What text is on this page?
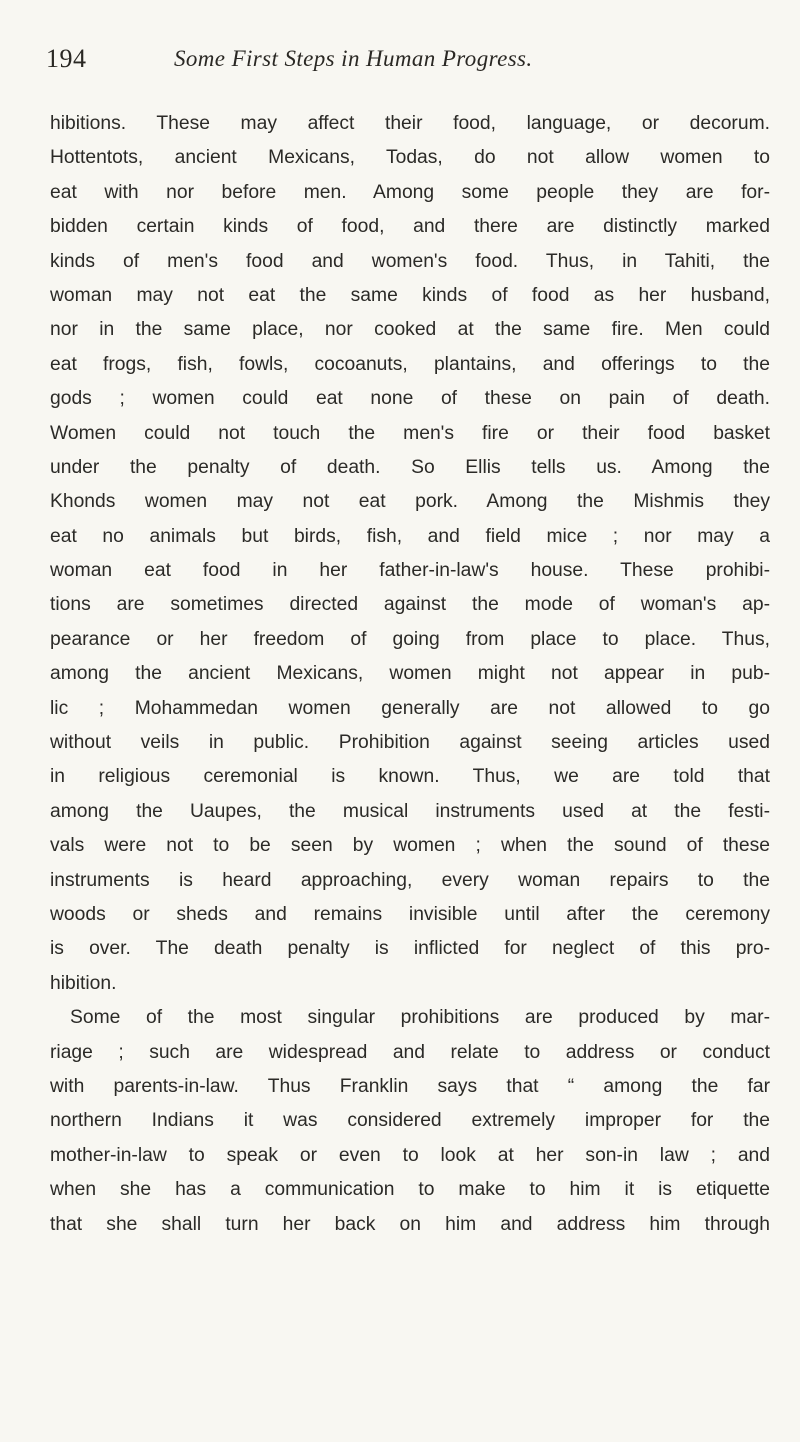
194	Some First Steps in Human Progress.
hibitions. These may affect their food, language, or decorum.
Hottentots, ancient Mexicans, Todas, do not allow women to
eat with nor before men. Among some people they are for-
bidden certain kinds of food, and there are distinctly marked
kinds of men's food and women's food. Thus, in Tahiti, the
woman may not eat the same kinds of food as her husband,
nor in the same place, nor cooked at the same fire. Men could
eat frogs, fish, fowls, cocoanuts, plantains, and offerings to the
gods ; women could eat none of these on pain of death.
Women could not touch the men's fire or their food basket
under the penalty of death. So Ellis tells us. Among the
Khonds women may not eat pork. Among the Mishmis they
eat no animals but birds, fish, and field mice ; nor may a
woman eat food in her father-in-law's house. These prohibi-
tions are sometimes directed against the mode of woman's ap-
pearance or her freedom of going from place to place. Thus,
among the ancient Mexicans, women might not appear in pub-
lic ; Mohammedan women generally are not allowed to go
without veils in public. Prohibition against seeing articles used
in religious ceremonial is known. Thus, we are told that
among the Uaupes, the musical instruments used at the festi-
vals were not to be seen by women ; when the sound of these
instruments is heard approaching, every woman repairs to the
woods or sheds and remains invisible until after the ceremony
is over. The death penalty is inflicted for neglect of this pro-
hibition.
Some of the most singular prohibitions are produced by mar-
riage ; such are widespread and relate to address or conduct
with parents-in-law. Thus Franklin says that “ among the far
northern Indians it was considered extremely improper for the
mother-in-law to speak or even to look at her son-in law ; and
when she has a communication to make to him it is etiquette
that she shall turn her back on him and address him through
